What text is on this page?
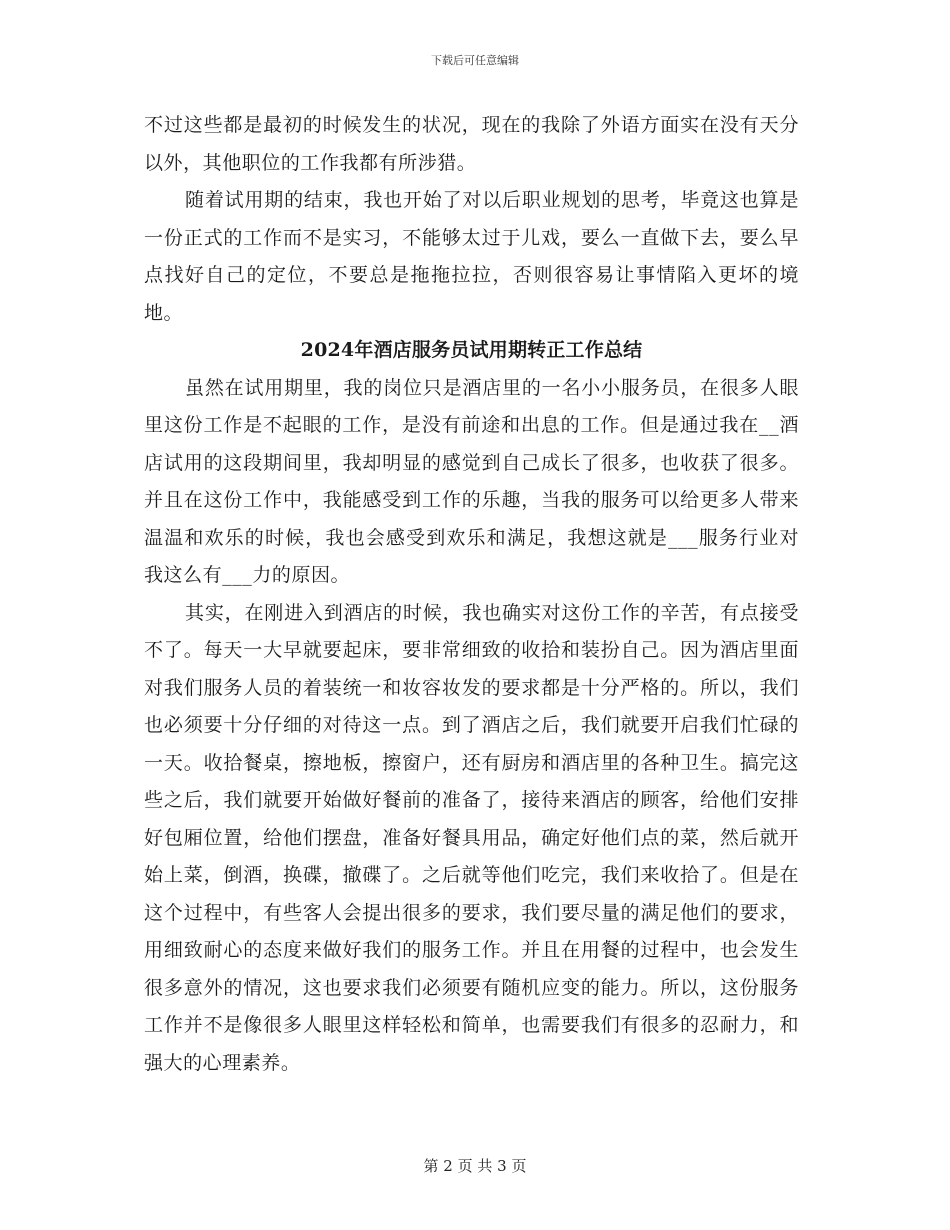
下载后可任意编辑

不过这些都是最初的时候发生的状况，现在的我除了外语方面实在没有天分以外，其他职位的工作我都有所涉猎。

随着试用期的结束，我也开始了对以后职业规划的思考，毕竟这也算是一份正式的工作而不是实习，不能够太过于儿戏，要么一直做下去，要么早点找好自己的定位，不要总是拖拖拉拉，否则很容易让事情陷入更坏的境地。

2024年酒店服务员试用期转正工作总结

虽然在试用期里，我的岗位只是酒店里的一名小小服务员，在很多人眼里这份工作是不起眼的工作，是没有前途和出息的工作。但是通过我在__酒店试用的这段期间里，我却明显的感觉到自己成长了很多，也收获了很多。并且在这份工作中，我能感受到工作的乐趣，当我的服务可以给更多人带来温温和欢乐的时候，我也会感受到欢乐和满足，我想这就是___服务行业对我这么有___力的原因。

其实，在刚进入到酒店的时候，我也确实对这份工作的辛苦，有点接受不了。每天一大早就要起床，要非常细致的收拾和装扮自己。因为酒店里面对我们服务人员的着装统一和妆容妆发的要求都是十分严格的。所以，我们也必须要十分仔细的对待这一点。到了酒店之后，我们就要开启我们忙碌的一天。收拾餐桌，擦地板，擦窗户，还有厨房和酒店里的各种卫生。搞完这些之后，我们就要开始做好餐前的准备了，接待来酒店的顾客，给他们安排好包厢位置，给他们摆盘，准备好餐具用品，确定好他们点的菜，然后就开始上菜，倒酒，换碟，撤碟了。之后就等他们吃完，我们来收拾了。但是在这个过程中，有些客人会提出很多的要求，我们要尽量的满足他们的要求，用细致耐心的态度来做好我们的服务工作。并且在用餐的过程中，也会发生很多意外的情况，这也要求我们必须要有随机应变的能力。所以，这份服务工作并不是像很多人眼里这样轻松和简单，也需要我们有很多的忍耐力，和强大的心理素养。

第 2 页 共 3 页
